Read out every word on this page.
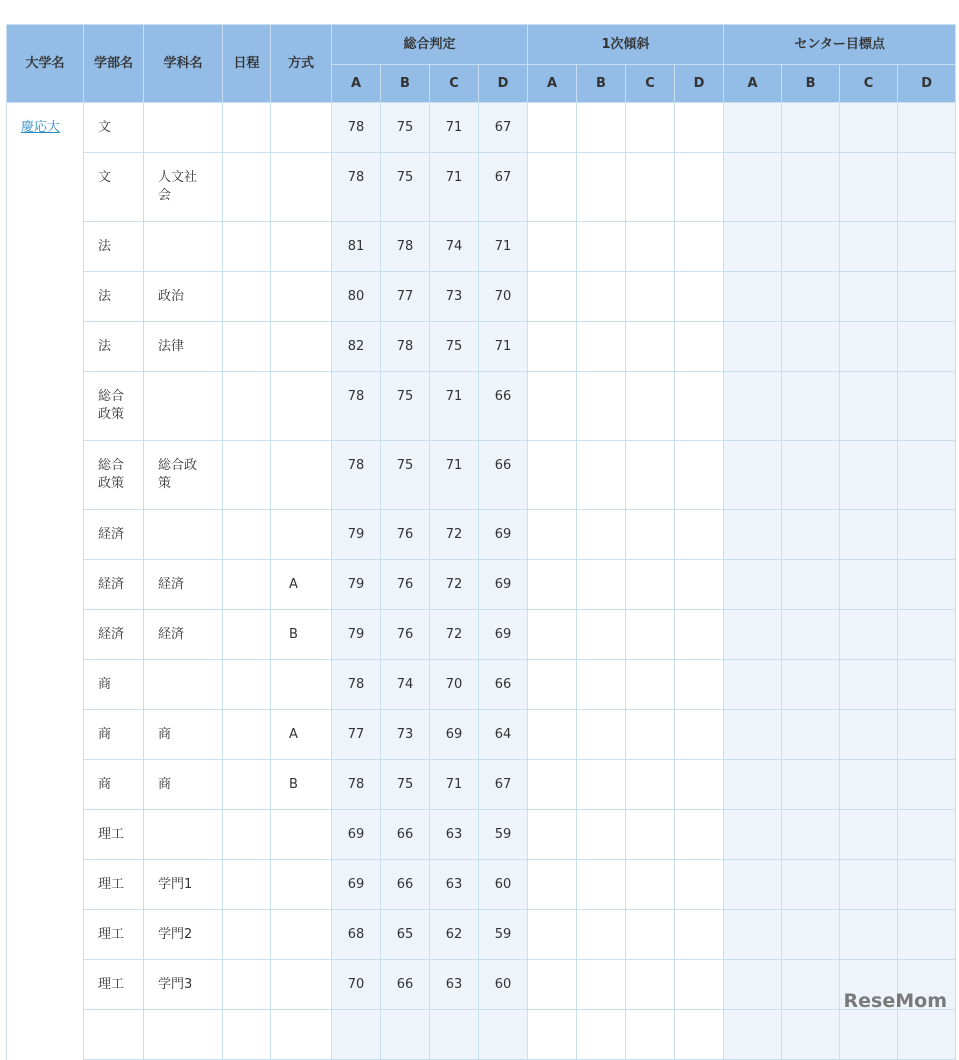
大学名	学部名	学科名	日程	方式	総合判定				1次傾斜				センター目標点			
					A	B	C	D	A	B	C	D	A	B	C	D
慶応大	文				78	75	71	67								
	文	人文社会			78	75	71	67								
	法				81	78	74	71								
	法	政治			80	77	73	70								
	法	法律			82	78	75	71								
	総合政策				78	75	71	66								
	総合政策	総合政策			78	75	71	66								
	経済				79	76	72	69								
	経済	経済		A	79	76	72	69								
	経済	経済		B	79	76	72	69								
	商				78	74	70	66								
	商	商		A	77	73	69	64								
	商	商		B	78	75	71	67								
	理工				69	66	63	59								
	理工	学門1			69	66	63	60								
	理工	学門2			68	65	62	59								
	理工	学門3			70	66	63	60								

ReseMom
